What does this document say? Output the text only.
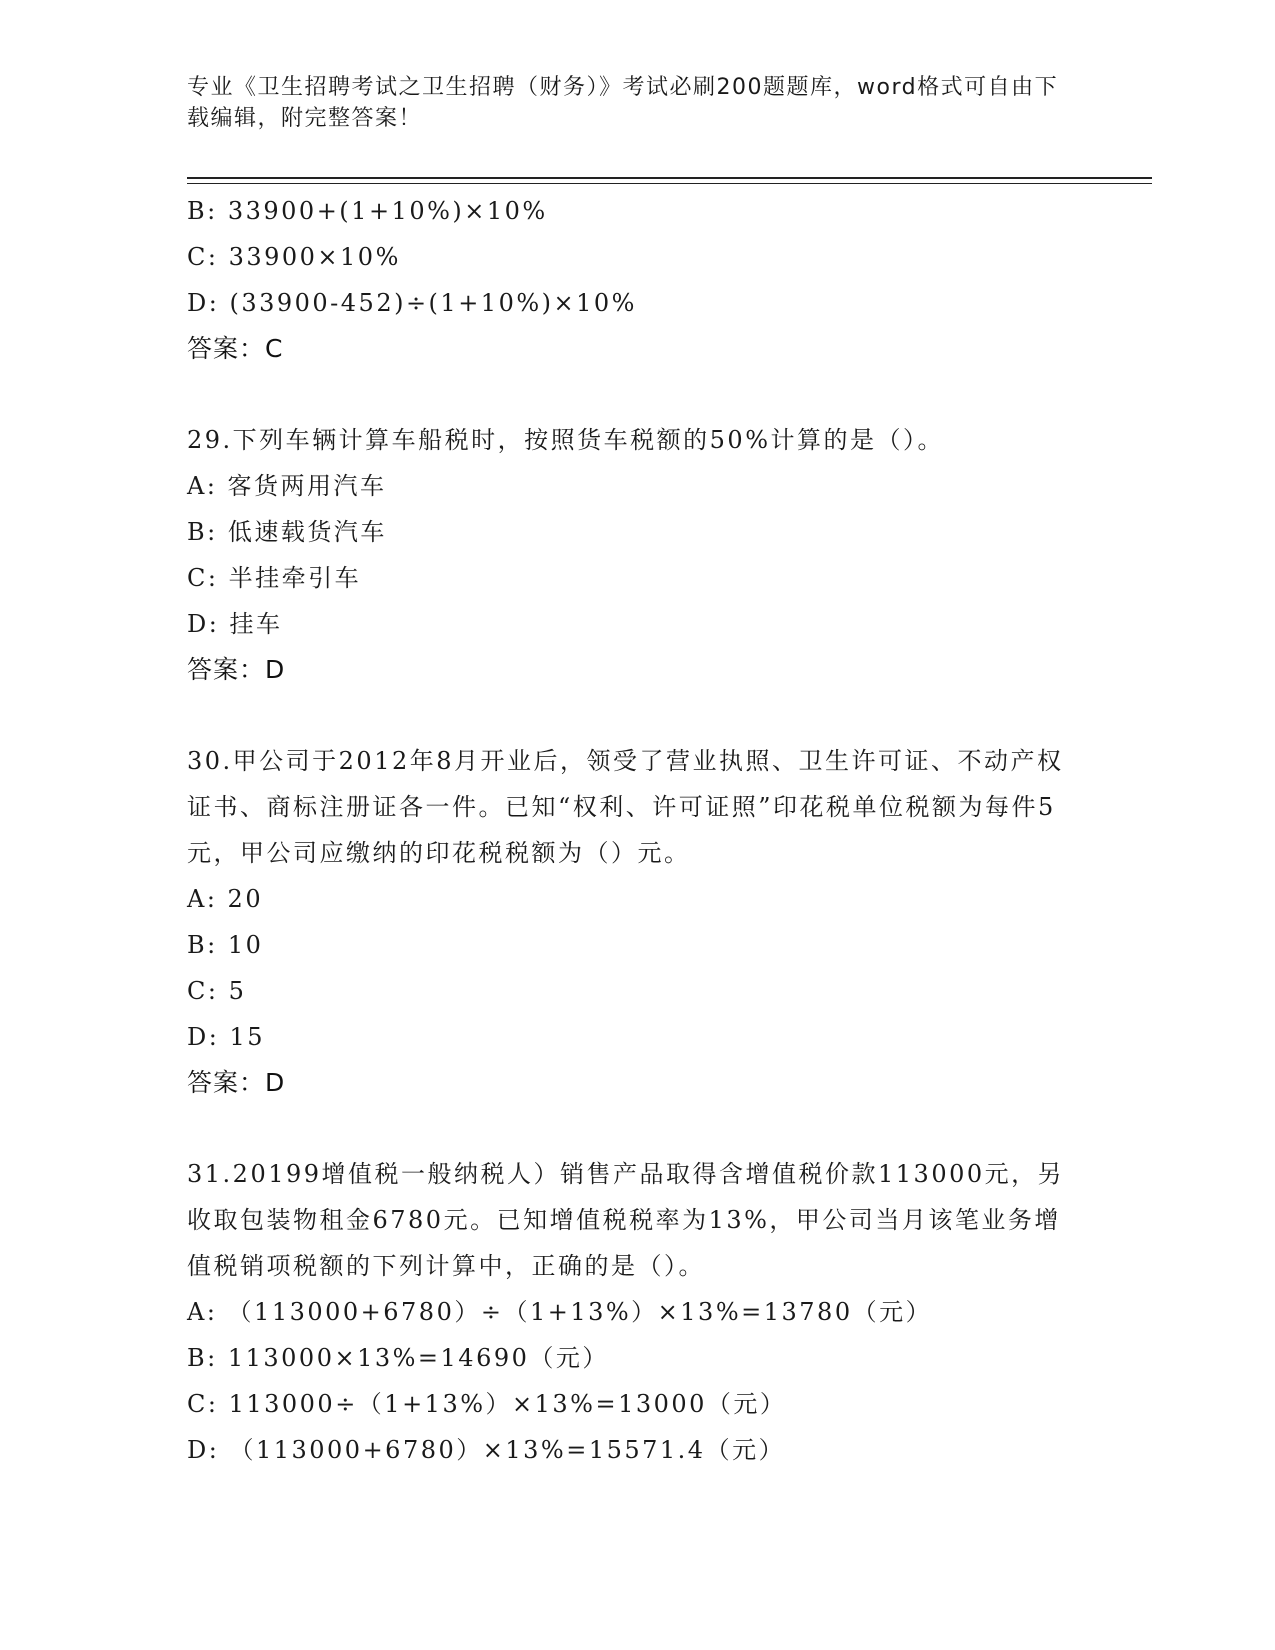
专业《卫生招聘考试之卫生招聘（财务）》考试必刷200题题库，word格式可自由下载编辑，附完整答案！
B: 33900+(1+10%)×10%
C: 33900×10%
D: (33900-452)÷(1+10%)×10%
答案：C
29.下列车辆计算车船税时，按照货车税额的50%计算的是（）。
A: 客货两用汽车
B: 低速载货汽车
C: 半挂牵引车
D: 挂车
答案：D
30.甲公司于2012年8月开业后，领受了营业执照、卫生许可证、不动产权证书、商标注册证各一件。已知“权利、许可证照”印花税单位税额为每件5元，甲公司应缴纳的印花税税额为（）元。
A: 20
B: 10
C: 5
D: 15
答案：D
31.20199增值税一般纳税人）销售产品取得含增值税价款113000元，另收取包装物租金6780元。已知增值税税率为13%，甲公司当月该笔业务增值税销项税额的下列计算中，正确的是（）。
A: （113000+6780）÷（1+13%）×13%=13780（元）
B: 113000×13%=14690（元）
C: 113000÷（1+13%）×13%=13000（元）
D: （113000+6780）×13%=15571.4（元）
